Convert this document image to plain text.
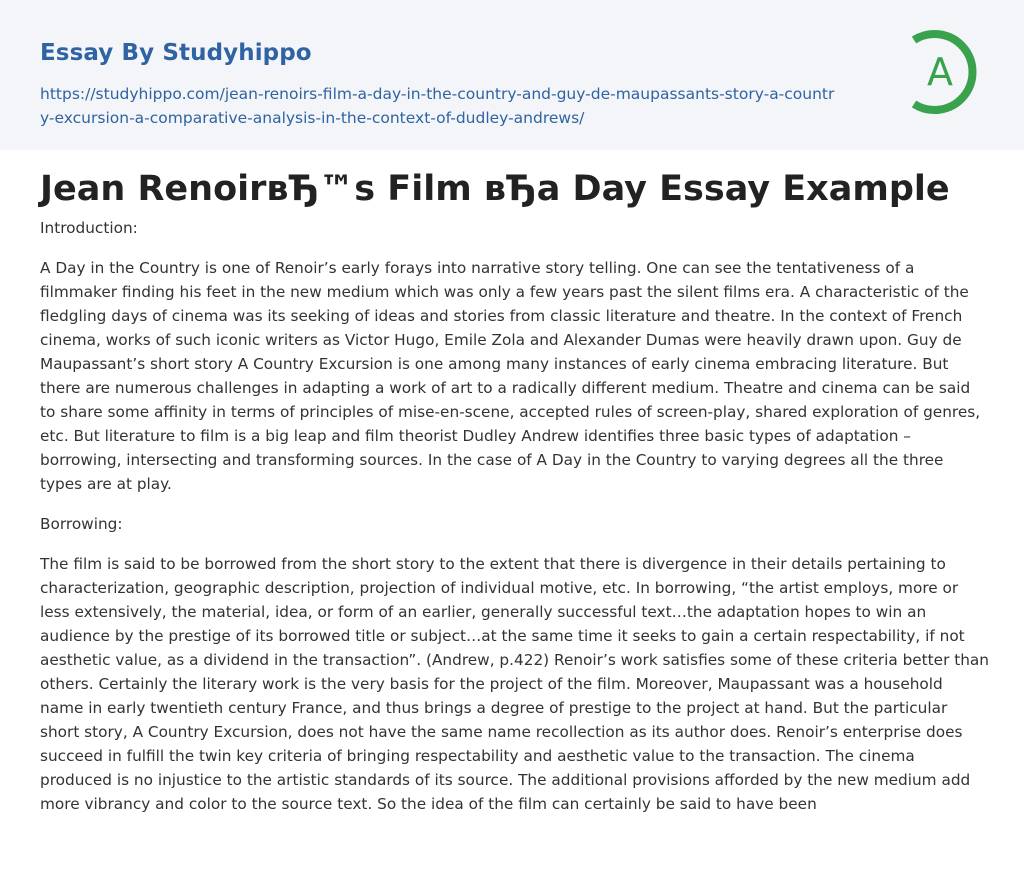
Essay By Studyhippo
https://studyhippo.com/jean-renoirs-film-a-day-in-the-country-and-guy-de-maupassants-story-a-country-excursion-a-comparative-analysis-in-the-context-of-dudley-andrews/
A
Jean RenoirвЂ™s Film вЂа Day Essay Example

Introduction:

A Day in the Country is one of Renoir’s early forays into narrative story telling. One can see the tentativeness of a filmmaker finding his feet in the new medium which was only a few years past the silent films era. A characteristic of the fledgling days of cinema was its seeking of ideas and stories from classic literature and theatre. In the context of French cinema, works of such iconic writers as Victor Hugo, Emile Zola and Alexander Dumas were heavily drawn upon. Guy de Maupassant’s short story A Country Excursion is one among many instances of early cinema embracing literature. But there are numerous challenges in adapting a work of art to a radically different medium. Theatre and cinema can be said to share some affinity in terms of principles of mise-en-scene, accepted rules of screen-play, shared exploration of genres, etc. But literature to film is a big leap and film theorist Dudley Andrew identifies three basic types of adaptation – borrowing, intersecting and transforming sources. In the case of A Day in the Country to varying degrees all the three types are at play.

Borrowing:

The film is said to be borrowed from the short story to the extent that there is divergence in their details pertaining to characterization, geographic description, projection of individual motive, etc. In borrowing, “the artist employs, more or less extensively, the material, idea, or form of an earlier, generally successful text…the adaptation hopes to win an audience by the prestige of its borrowed title or subject…at the same time it seeks to gain a certain respectability, if not aesthetic value, as a dividend in the transaction”. (Andrew, p.422) Renoir’s work satisfies some of these criteria better than others. Certainly the literary work is the very basis for the project of the film. Moreover, Maupassant was a household name in early twentieth century France, and thus brings a degree of prestige to the project at hand. But the particular short story, A Country Excursion, does not have the same name recollection as its author does. Renoir’s enterprise does succeed in fulfill the twin key criteria of bringing respectability and aesthetic value to the transaction. The cinema produced is no injustice to the artistic standards of its source. The additional provisions afforded by the new medium add more vibrancy and color to the source text. So the idea of the film can certainly be said to have been
